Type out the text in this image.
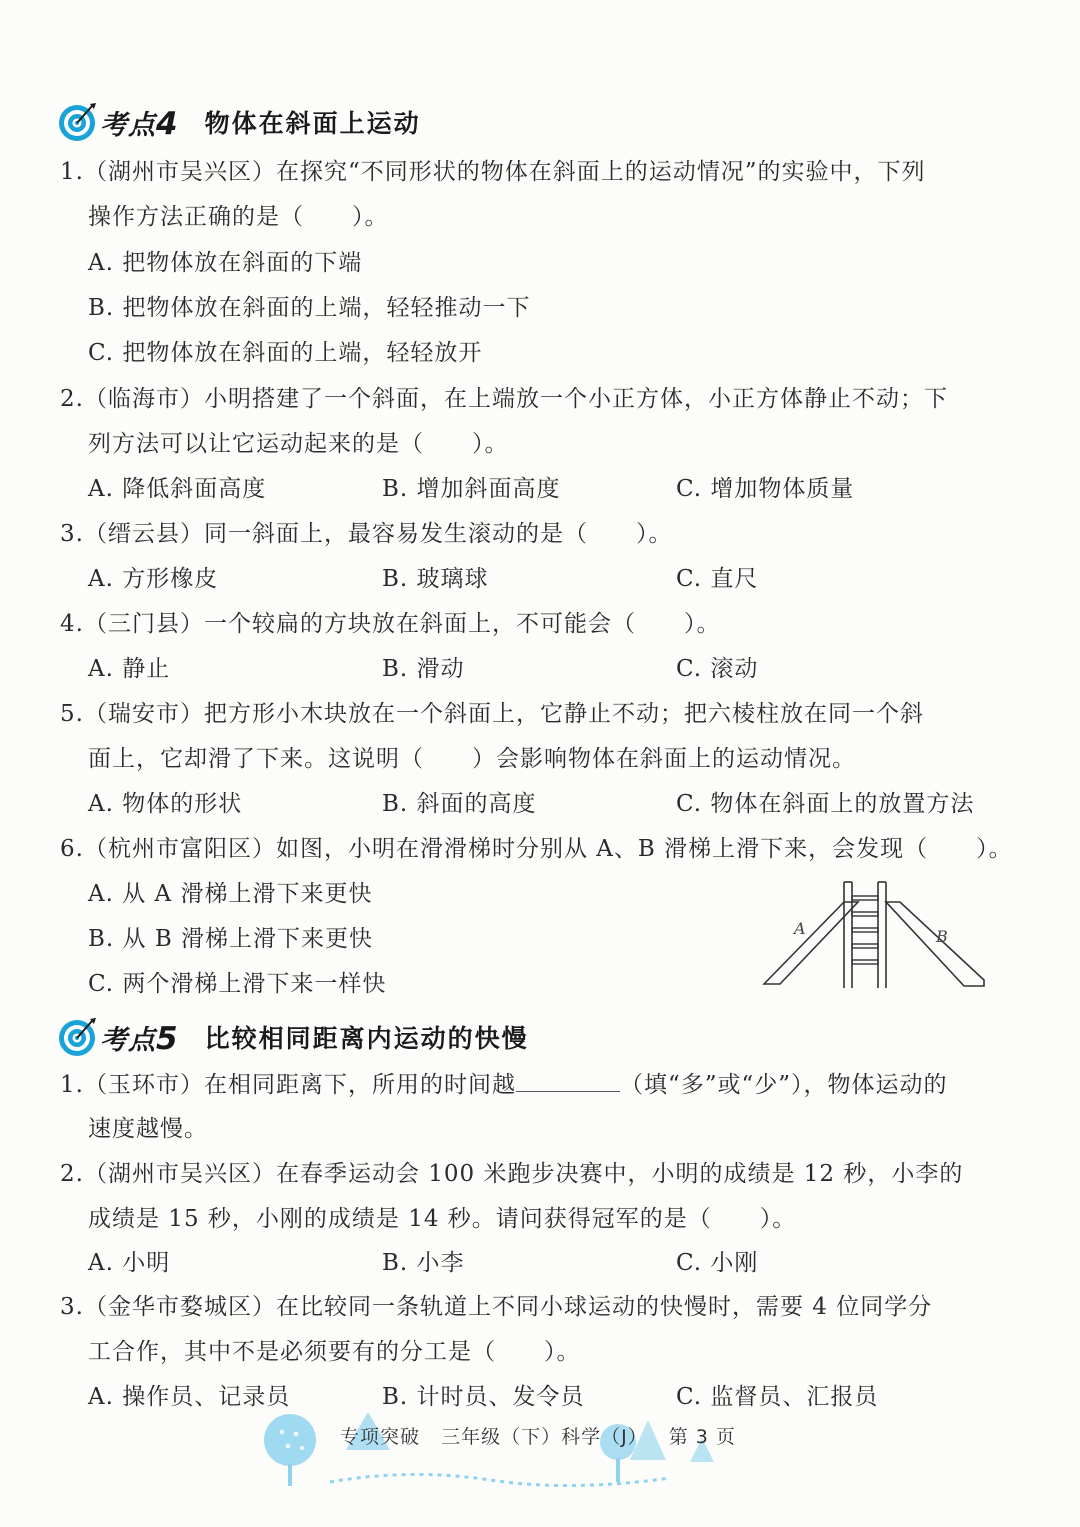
考点4 物体在斜面上运动
1.（湖州市吴兴区）在探究“不同形状的物体在斜面上的运动情况”的实验中，下列
操作方法正确的是（　　）。
A. 把物体放在斜面的下端
B. 把物体放在斜面的上端，轻轻推动一下
C. 把物体放在斜面的上端，轻轻放开
2.（临海市）小明搭建了一个斜面，在上端放一个小正方体，小正方体静止不动；下
列方法可以让它运动起来的是（　　）。
A. 降低斜面高度	B. 增加斜面高度	C. 增加物体质量
3.（缙云县）同一斜面上，最容易发生滚动的是（　　）。
A. 方形橡皮	B. 玻璃球	C. 直尺
4.（三门县）一个较扁的方块放在斜面上，不可能会（　　）。
A. 静止	B. 滑动	C. 滚动
5.（瑞安市）把方形小木块放在一个斜面上，它静止不动；把六棱柱放在同一个斜
面上，它却滑了下来。这说明（　　）会影响物体在斜面上的运动情况。
A. 物体的形状	B. 斜面的高度	C. 物体在斜面上的放置方法
6.（杭州市富阳区）如图，小明在滑滑梯时分别从 A、B 滑梯上滑下来，会发现（　　）。
A. 从 A 滑梯上滑下来更快
B. 从 B 滑梯上滑下来更快
C. 两个滑梯上滑下来一样快
A	B
考点5 比较相同距离内运动的快慢
1.（玉环市）在相同距离下，所用的时间越	（填“多”或“少”），物体运动的
速度越慢。
2.（湖州市吴兴区）在春季运动会 100 米跑步决赛中，小明的成绩是 12 秒，小李的
成绩是 15 秒，小刚的成绩是 14 秒。请问获得冠军的是（　　）。
A. 小明	B. 小李	C. 小刚
3.（金华市婺城区）在比较同一条轨道上不同小球运动的快慢时，需要 4 位同学分
工合作，其中不是必须要有的分工是（　　）。
A. 操作员、记录员	B. 计时员、发令员	C. 监督员、汇报员
专项突破 三年级（下）科学（J） 第 3 页
